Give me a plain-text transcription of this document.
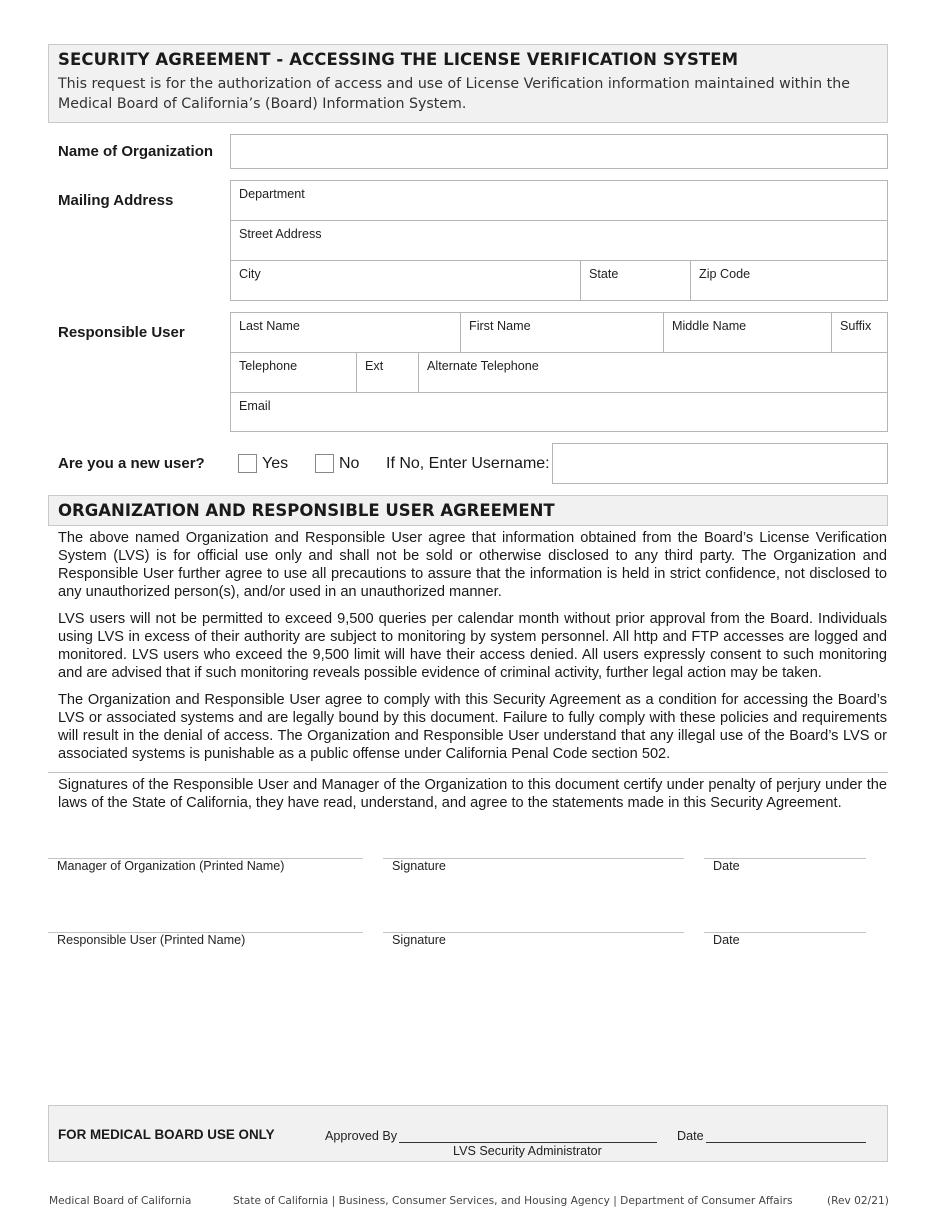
SECURITY AGREEMENT - ACCESSING THE LICENSE VERIFICATION SYSTEM
This request is for the authorization of access and use of License Verification information maintained within the Medical Board of California’s (Board) Information System.
Name of Organization
Mailing Address	Department
Street Address
City	State	Zip Code
Responsible User	Last Name	First Name	Middle Name	Suffix
Telephone	Ext	Alternate Telephone
Email
Are you a new user?	Yes	No If No, Enter Username:
ORGANIZATION AND RESPONSIBLE USER AGREEMENT
The above named Organization and Responsible User agree that information obtained from the Board’s License Verification System (LVS) is for official use only and shall not be sold or otherwise disclosed to any third party. The Organization and Responsible User further agree to use all precautions to assure that the information is held in strict confidence, not disclosed to any unauthorized person(s), and/or used in an unauthorized manner.
LVS users will not be permitted to exceed 9,500 queries per calendar month without prior approval from the Board. Individuals using LVS in excess of their authority are subject to monitoring by system personnel. All http and FTP accesses are logged and monitored. LVS users who exceed the 9,500 limit will have their access denied. All users expressly consent to such monitoring and are advised that if such monitoring reveals possible evidence of criminal activity, further legal action may be taken.
The Organization and Responsible User agree to comply with this Security Agreement as a condition for accessing the Board’s LVS or associated systems and are legally bound by this document. Failure to fully comply with these policies and requirements will result in the denial of access. The Organization and Responsible User understand that any illegal use of the Board’s LVS or associated systems is punishable as a public offense under California Penal Code section 502.
Signatures of the Responsible User and Manager of the Organization to this document certify under penalty of perjury under the laws of the State of California, they have read, understand, and agree to the statements made in this Security Agreement.
Manager of Organization (Printed Name)	Signature	Date
Responsible User (Printed Name)	Signature	Date
FOR MEDICAL BOARD USE ONLY	Approved By
LVS Security Administrator
Date
Medical Board of California	State of California | Business, Consumer Services, and Housing Agency | Department of Consumer Affairs	(Rev 02/21)
